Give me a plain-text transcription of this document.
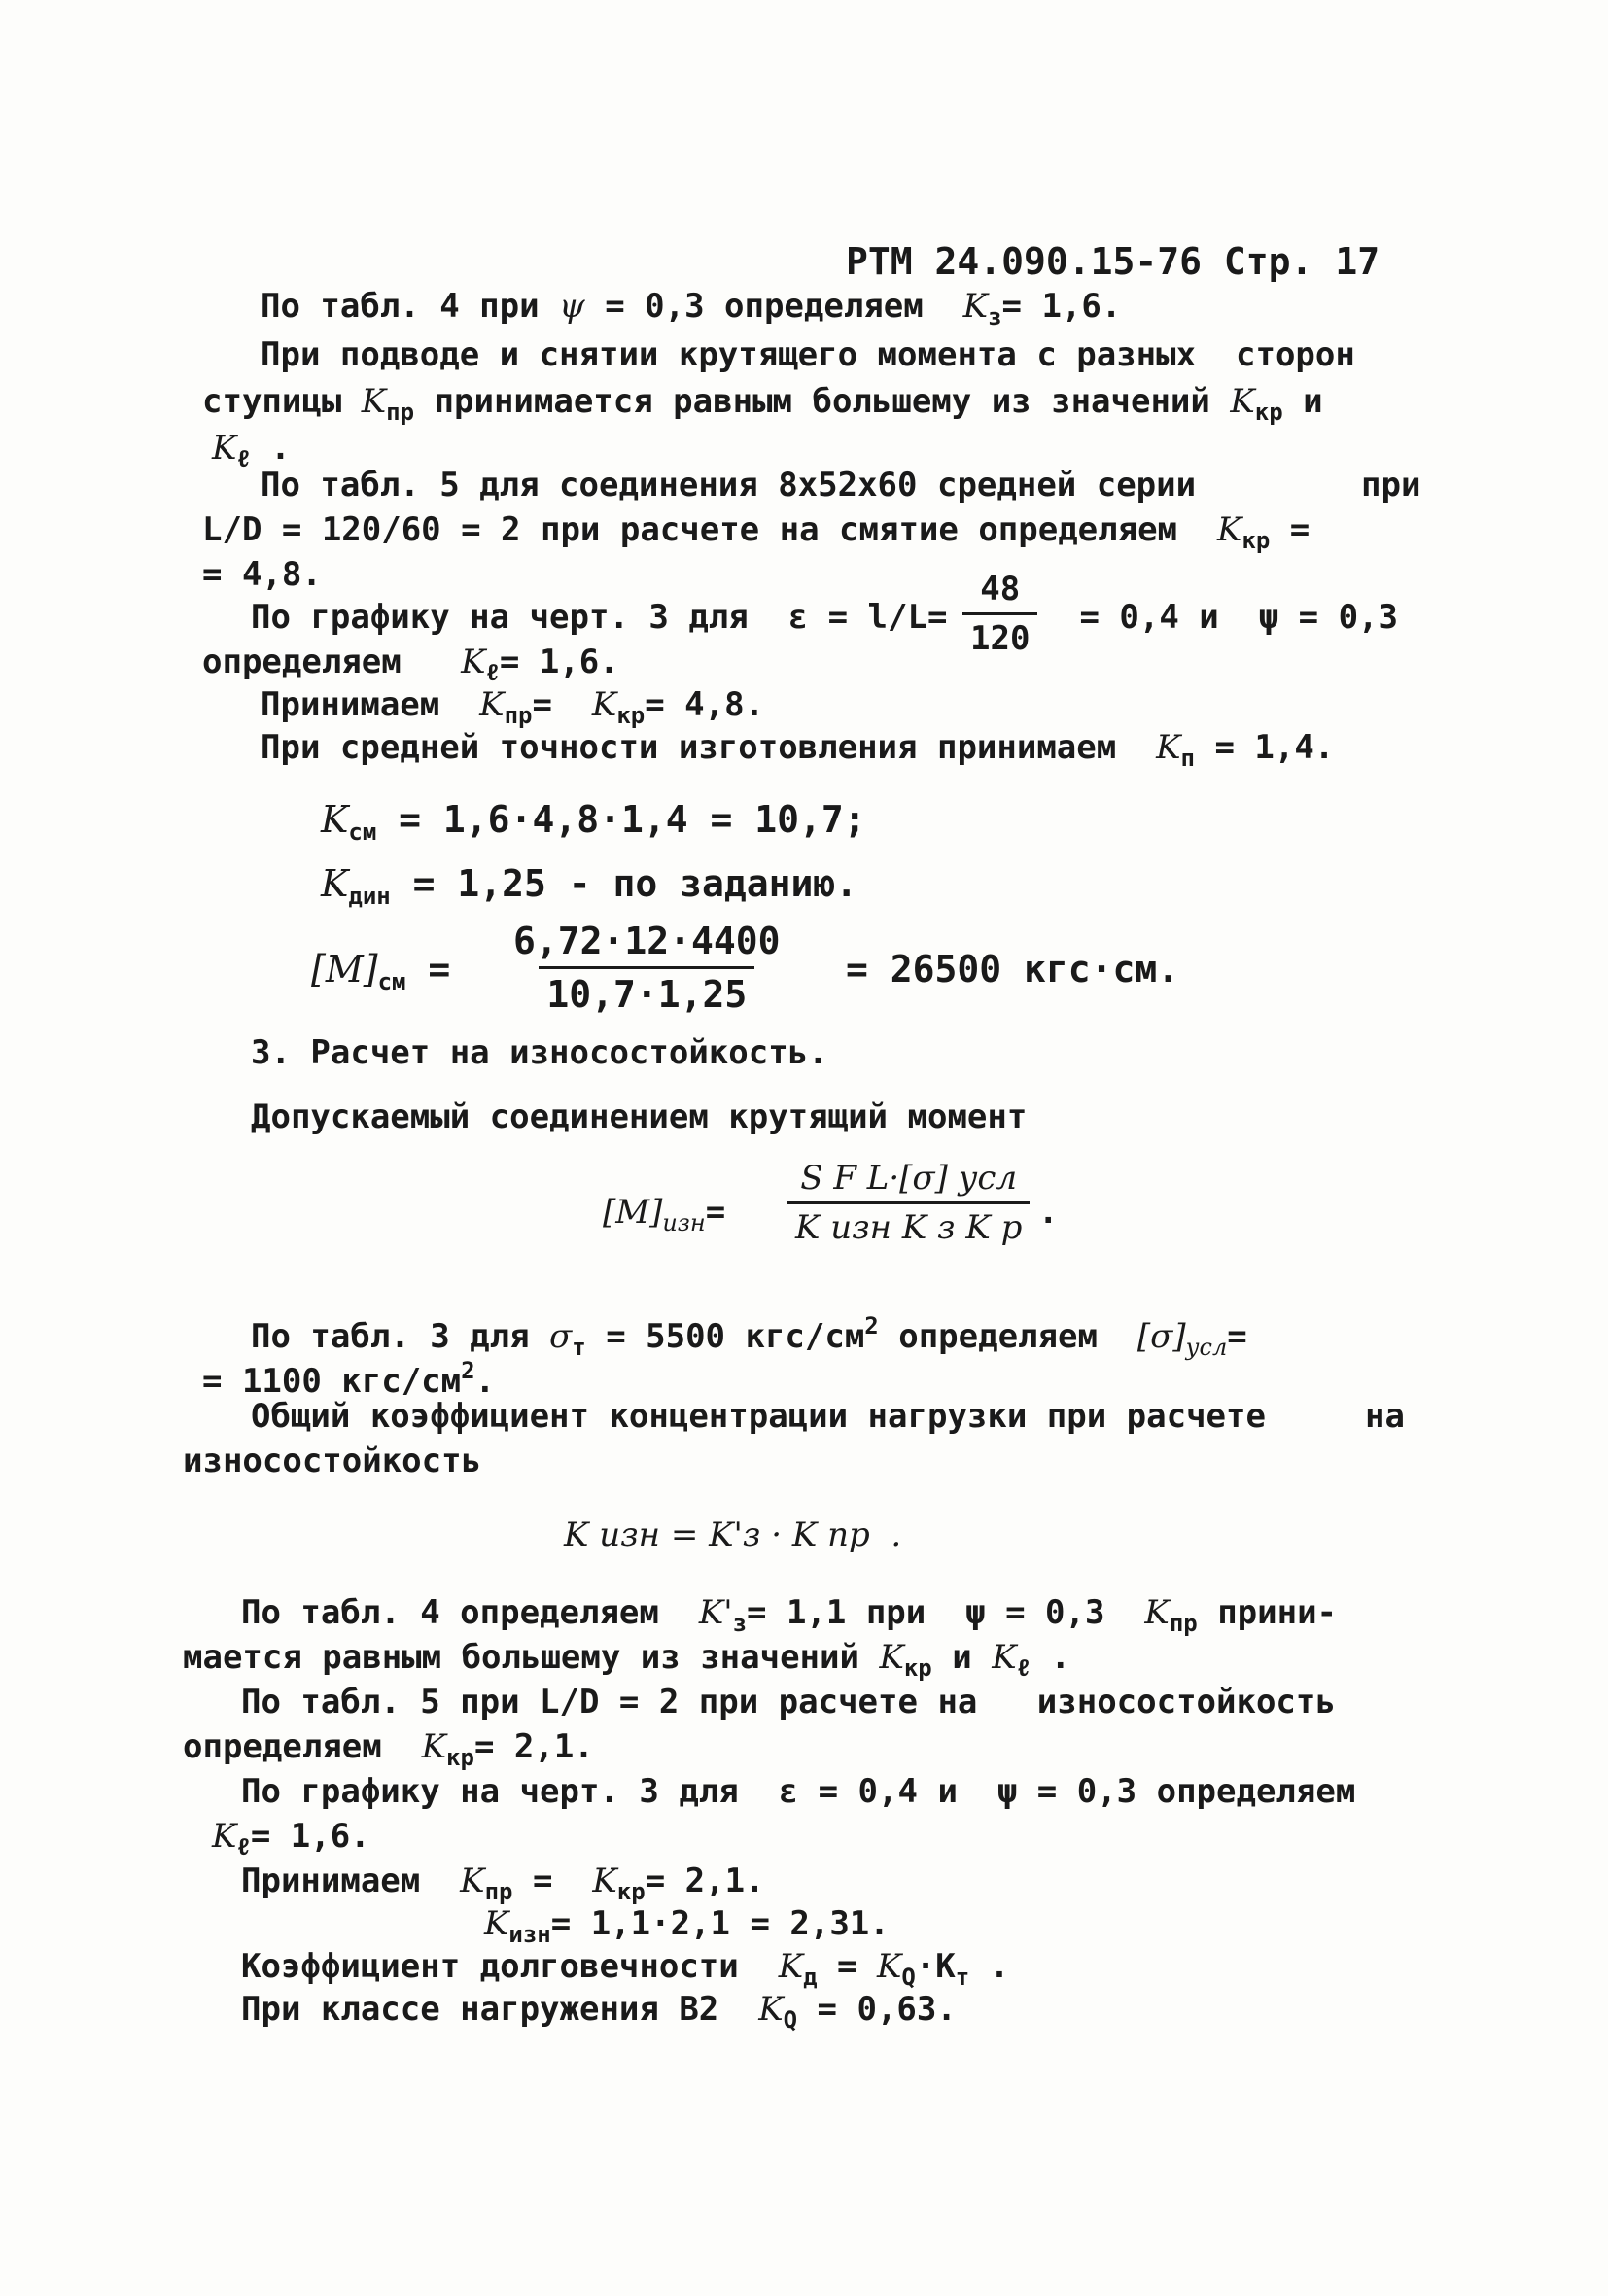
РТМ 24.090.15-76 Стр. 17
По табл. 4 при ψ = 0,3 определяем  $K_з= 1,6$.
При подводе и снятии крутящего момента с разных  сторон
ступицы $K_{пр}$ принимается равным большему из значений $K_{кр}$ и
$K_\ell$ .
По табл. 5 для соединения 8х52х60 средней серии	при
L/D = 120/60 = 2 при расчете на смятие определяем  $K_{кр}$ =
= 4,8.
По графику на черт. 3 для  ε = l/L=
$\frac{48}{120} = 0,4$ и  ψ = 0,3
определяем   $K_\ell= 1,6$.
Принимаем  $K_{пр}= K_{кр}= 4,8$.
При средней точности изготовления принимаем  $K_п = 1,4$.
$K_{см} = 1,6\cdot 4,8\cdot 1,4 = 10,7$;
$K_{дин} = 1,25$ - по заданию.
$[M]_{см} = \frac{6,72\cdot 12\cdot 4400}{10,7\cdot 1,25} = 26500$ кгс·см.
3. Расчет на износостойкость.
Допускаемый соединением крутящий момент
$[M]_{изн}=$
S F L·[σ] усл
K изн K з K р .
По табл. 3 для $\sigma_т = 5500$ кгс/$см^2$ определяем  $[\sigma]_{усл}=$
= 1100 кгс/$см^2$.
Общий коэффициент концентрации нагрузки при расчете	на
износостойкость
K изн = K'з · K пр  .
По табл. 4 определяем  $K'_з= 1,1$ при  ψ = 0,3  $K_{пр}$ прини-
мается равным большему из значений $K_{кр}$ и $K_\ell$ .
По табл. 5 при L/D = 2 при расчете на   износостойкость
определяем  $K_{кр}= 2,1$.
По графику на черт. 3 для  ε = 0,4 и  ψ = 0,3 определяем
$K_\ell= 1,6$.
Принимаем  $K_{пр} = K_{кр}= 2,1$.
$K_{изн}= 1,1\cdot 2,1 = 2,31$.
Коэффициент долговечности  $K_д = K_Q\cdot K_т$ .
При классе нагружения В2  $K_Q = 0,63$.
